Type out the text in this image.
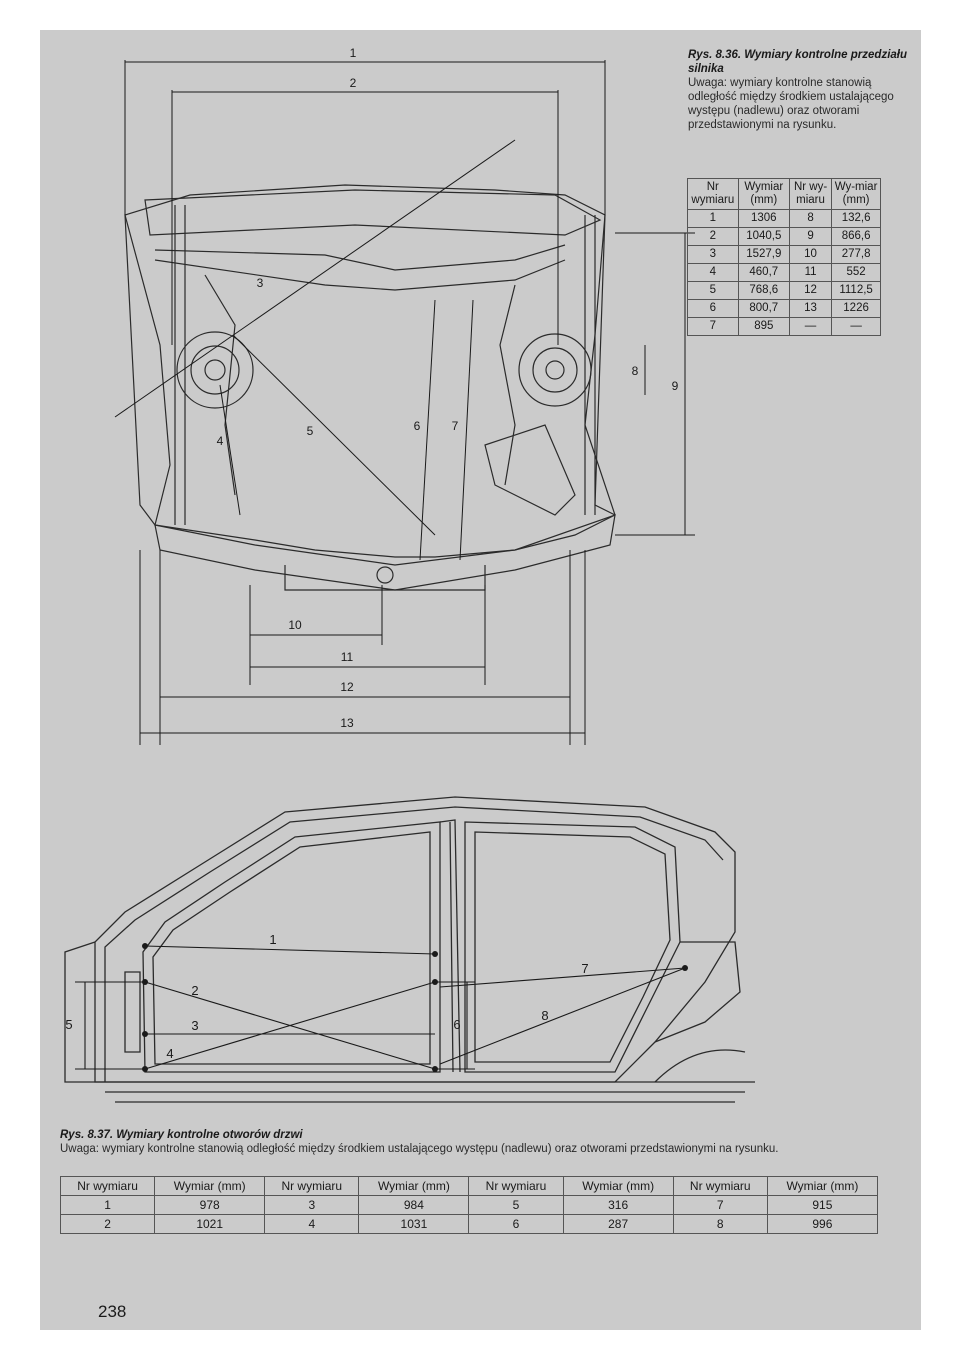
1
2
3
4
5	6	7
8
9
10
11
12
13
Rys. 8.36. Wymiary kontrolne przedziału silnika
Uwaga: wymiary kontrolne stanowią odległość między środkiem ustalającego występu (nadlewu) oraz otworami przedstawionymi na rysunku.
Nr wymiaru	Wymiar (mm)	Nr wy-miaru	Wy-miar (mm)
1	1306	8	132,6
2	1040,5	9	866,6
3	1527,9	10	277,8
4	460,7	11	552
5	768,6	12	1112,5
6	800,7	13	1226
7	895	—	—
1
2
3
4
5	6
7
8
Rys. 8.37. Wymiary kontrolne otworów drzwi
Uwaga: wymiary kontrolne stanowią odległość między środkiem ustalającego występu (nadlewu) oraz otworami przedstawionymi na rysunku.
Nr wymiaru	Wymiar (mm)	Nr wymiaru	Wymiar (mm)	Nr wymiaru	Wymiar (mm)	Nr wymiaru	Wymiar (mm)
1	978	3	984	5	316	7	915
2	1021	4	1031	6	287	8	996
238
